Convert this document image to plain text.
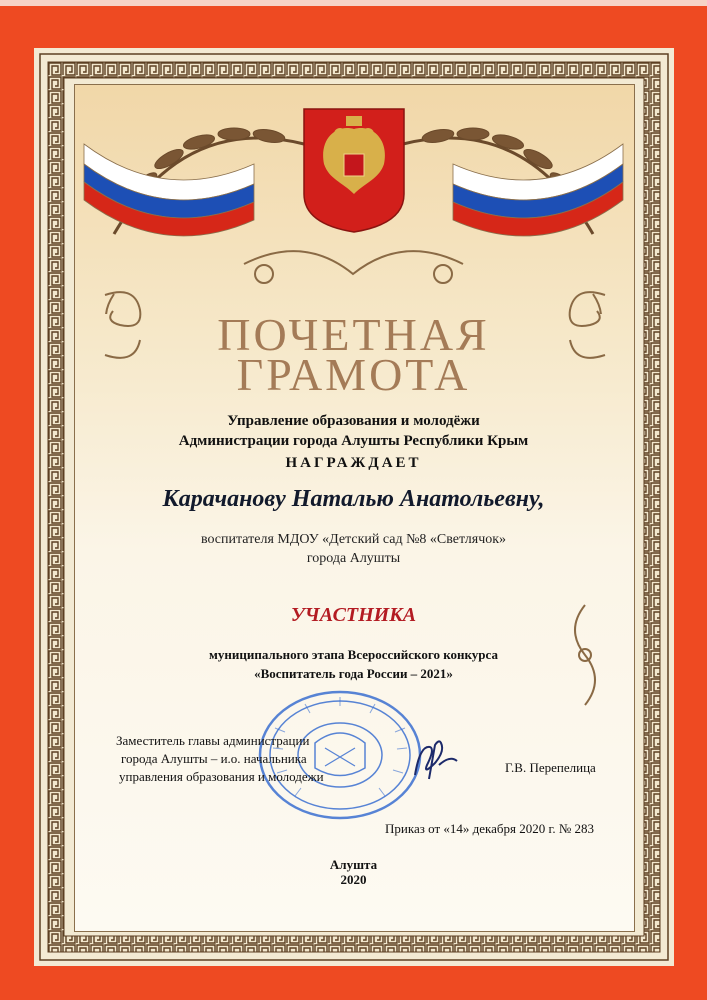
ПОЧЕТНАЯ
ГРАМОТА
Управление образования и молодёжи
Администрации города Алушты Республики Крым
НАГРАЖДАЕТ
Карачанову Наталью Анатольевну,
воспитателя МДОУ «Детский сад №8 «Светлячок»
города Алушты
УЧАСТНИКА
муниципального этапа Всероссийского конкурса
«Воспитатель года России – 2021»
Заместитель главы администрации
города Алушты – и.о. начальника
управления образования и молодежи
Г.В. Перепелица
Приказ от «14» декабря 2020 г. № 283
Алушта
2020
